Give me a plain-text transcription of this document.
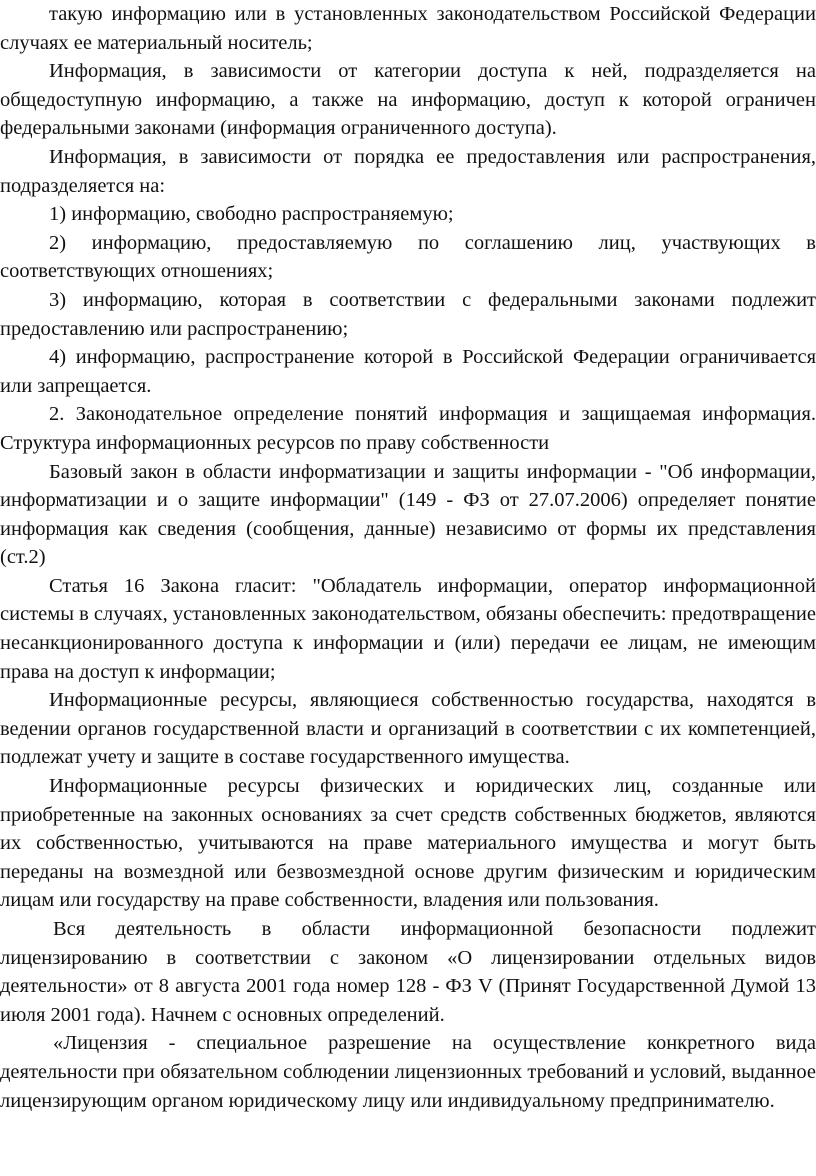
такую информацию или в установленных законодательством Российской Федерации случаях ее материальный носитель;

Информация, в зависимости от категории доступа к ней, подразделяется на общедоступную информацию, а также на информацию, доступ к которой ограничен федеральными законами (информация ограниченного доступа).

Информация, в зависимости от порядка ее предоставления или распространения, подразделяется на:

1) информацию, свободно распространяемую;

2) информацию, предоставляемую по соглашению лиц, участвующих в соответствующих отношениях;

3) информацию, которая в соответствии с федеральными законами подлежит предоставлению или распространению;

4) информацию, распространение которой в Российской Федерации ограничивается или запрещается.

2. Законодательное определение понятий информация и защищаемая информация. Структура информационных ресурсов по праву собственности

Базовый закон в области информатизации и защиты информации - "Об информации, информатизации и о защите информации" (149 - ФЗ от 27.07.2006) определяет понятие информация как сведения (сообщения, данные) независимо от формы их представления (ст.2)

Статья 16 Закона гласит: "Обладатель информации, оператор информационной системы в случаях, установленных законодательством, обязаны обеспечить: предотвращение несанкционированного доступа к информации и (или) передачи ее лицам, не имеющим права на доступ к информации;

Информационные ресурсы, являющиеся собственностью государства, находятся в ведении органов государственной власти и организаций в соответствии с их компетенцией, подлежат учету и защите в составе государственного имущества.

Информационные ресурсы физических и юридических лиц, созданные или приобретенные на законных основаниях за счет средств собственных бюджетов, являются их собственностью, учитываются на праве материального имущества и могут быть переданы на возмездной или безвозмездной основе другим физическим и юридическим лицам или государству на праве собственности, владения или пользования.

Вся деятельность в области информационной безопасности подлежит лицензированию в соответствии с законом «О лицензировании отдельных видов деятельности» от 8 августа 2001 года номер 128 - ФЗ V (Принят Государственной Думой 13 июля 2001 года). Начнем с основных определений.

«Лицензия - специальное разрешение на осуществление конкретного вида деятельности при обязательном соблюдении лицензионных требований и условий, выданное лицензирующим органом юридическому лицу или индивидуальному предпринимателю.
